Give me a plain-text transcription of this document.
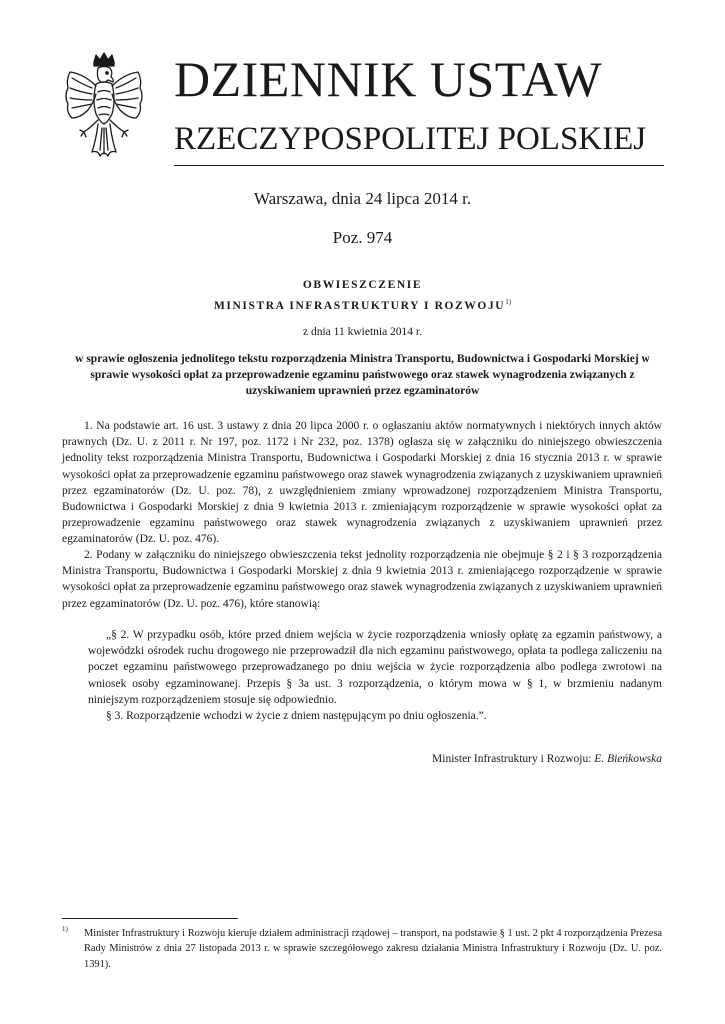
DZIENNIK USTAW
RZECZYPOSPOLITEJ POLSKIEJ
Warszawa, dnia 24 lipca 2014 r.
Poz. 974
OBWIESZCZENIE
MINISTRA INFRASTRUKTURY I ROZWOJU$^{1)}$
z dnia 11 kwietnia 2014 r.
w sprawie ogłoszenia jednolitego tekstu rozporządzenia Ministra Transportu, Budownictwa i Gospodarki Morskiej w sprawie wysokości opłat za przeprowadzenie egzaminu państwowego oraz stawek wynagrodzenia związanych z uzyskiwaniem uprawnień przez egzaminatorów

1. Na podstawie art. 16 ust. 3 ustawy z dnia 20 lipca 2000 r. o ogłaszaniu aktów normatywnych i niektórych innych aktów prawnych (Dz. U. z 2011 r. Nr 197, poz. 1172 i Nr 232, poz. 1378) ogłasza się w załączniku do niniejszego obwieszczenia jednolity tekst rozporządzenia Ministra Transportu, Budownictwa i Gospodarki Morskiej z dnia 16 stycznia 2013 r. w sprawie wysokości opłat za przeprowadzenie egzaminu państwowego oraz stawek wynagrodzenia związanych z uzyskiwaniem uprawnień przez egzaminatorów (Dz. U. poz. 78), z uwzględnieniem zmiany wprowadzonej rozporządzeniem Ministra Transportu, Budownictwa i Gospodarki Morskiej z dnia 9 kwietnia 2013 r. zmieniającym rozporządzenie w sprawie wysokości opłat za przeprowadzenie egzaminu państwowego oraz stawek wynagrodzenia związanych z uzyskiwaniem uprawnień przez egzaminatorów (Dz. U. poz. 476).

2. Podany w załączniku do niniejszego obwieszczenia tekst jednolity rozporządzenia nie obejmuje § 2 i § 3 rozporządzenia Ministra Transportu, Budownictwa i Gospodarki Morskiej z dnia 9 kwietnia 2013 r. zmieniającego rozporządzenie w sprawie wysokości opłat za przeprowadzenie egzaminu państwowego oraz stawek wynagrodzenia związanych z uzyskiwaniem uprawnień przez egzaminatorów (Dz. U. poz. 476), które stanowią:

„§ 2. W przypadku osób, które przed dniem wejścia w życie rozporządzenia wniosły opłatę za egzamin państwowy, a wojewódzki ośrodek ruchu drogowego nie przeprowadził dla nich egzaminu państwowego, opłata ta podlega zaliczeniu na poczet egzaminu państwowego przeprowadzanego po dniu wejścia w życie rozporządzenia albo podlega zwrotowi na wniosek osoby egzaminowanej. Przepis § 3a ust. 3 rozporządzenia, o którym mowa w § 1, w brzmieniu nadanym niniejszym rozporządzeniem stosuje się odpowiednio.

§ 3. Rozporządzenie wchodzi w życie z dniem następującym po dniu ogłoszenia.”.

Minister Infrastruktury i Rozwoju: E. Bieńkowska
1) Minister Infrastruktury i Rozwoju kieruje działem administracji rządowej – transport, na podstawie § 1 ust. 2 pkt 4 rozporządzenia Prezesa Rady Ministrów z dnia 27 listopada 2013 r. w sprawie szczegółowego zakresu działania Ministra Infrastruktury i Rozwoju (Dz. U. poz. 1391).
